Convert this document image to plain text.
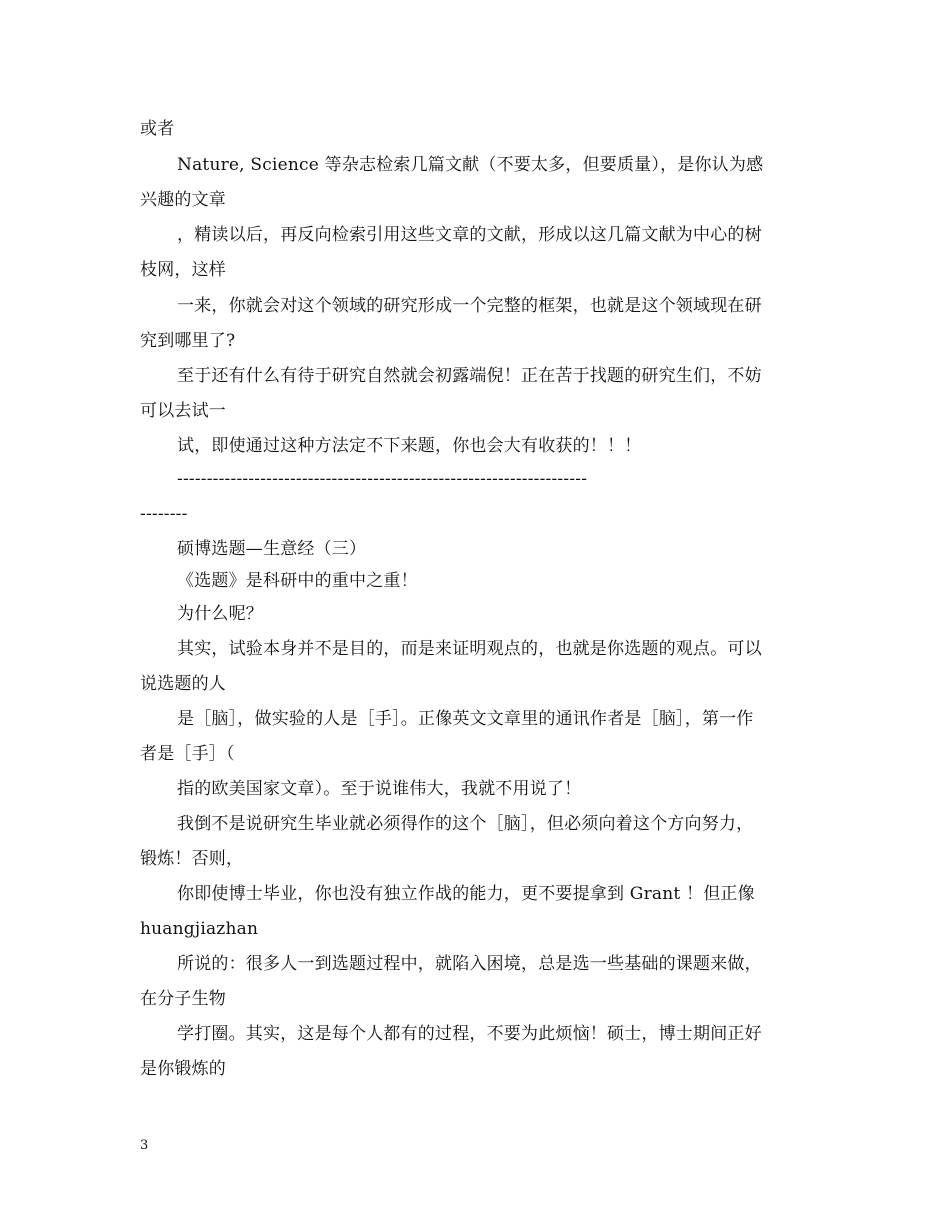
或者
Nature, Science 等杂志检索几篇文献（不要太多，但要质量），是你认为感
兴趣的文章
，精读以后，再反向检索引用这些文章的文献，形成以这几篇文献为中心的树
枝网，这样
一来，你就会对这个领域的研究形成一个完整的框架，也就是这个领域现在研
究到哪里了?
至于还有什么有待于研究自然就会初露端倪！正在苦于找题的研究生们，不妨
可以去试一
试，即使通过这种方法定不下来题，你也会大有收获的！！！
---------------------------------------------------------------------
--------
硕博选题—生意经（三）
《选题》是科研中的重中之重！
为什么呢？
其实，试验本身并不是目的，而是来证明观点的，也就是你选题的观点。可以
说选题的人
是［脑］，做实验的人是［手］。正像英文文章里的通讯作者是［脑］，第一作
者是［手］（
指的欧美国家文章）。至于说谁伟大，我就不用说了！
我倒不是说研究生毕业就必须得作的这个［脑］，但必须向着这个方向努力，
锻炼！否则，
你即使博士毕业，你也没有独立作战的能力，更不要提拿到 Grant ！但正像
huangjiazhan
所说的：很多人一到选题过程中，就陷入困境，总是选一些基础的课题来做，
在分子生物
学打圈。其实，这是每个人都有的过程，不要为此烦恼！硕士，博士期间正好
是你锻炼的
3
